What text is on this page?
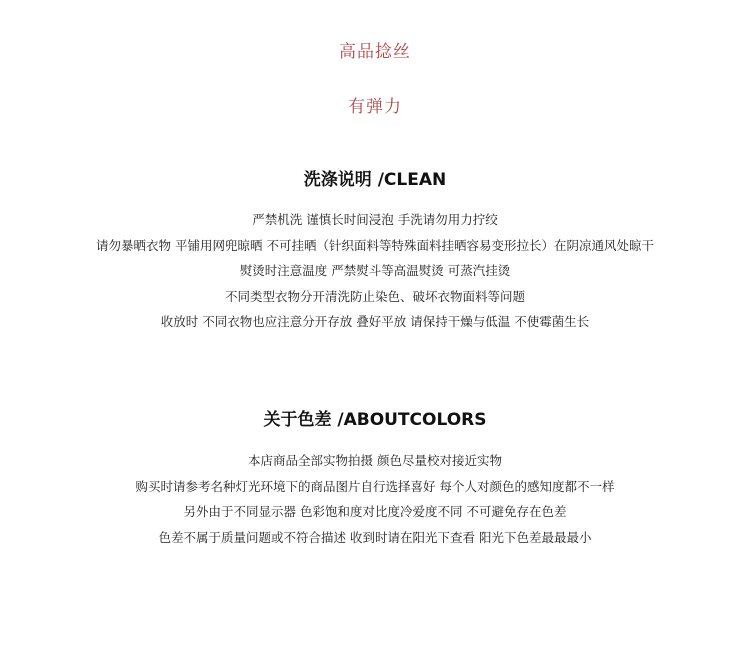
高品捻丝
有弹力
洗涤说明 /CLEAN
严禁机洗 谨慎长时间浸泡 手洗请勿用力拧绞
请勿暴晒衣物 平铺用网兜晾晒 不可挂晒（针织面料等特殊面料挂晒容易变形拉长）在阴凉通风处晾干
熨烫时注意温度 严禁熨斗等高温熨烫 可蒸汽挂烫
不同类型衣物分开清洗防止染色、破坏衣物面料等问题
收放时 不同衣物也应注意分开存放 叠好平放 请保持干燥与低温 不使霉菌生长
关于色差 /ABOUTCOLORS
本店商品全部实物拍摄 颜色尽量校对接近实物
购买时请参考名种灯光环境下的商品图片自行选择喜好 每个人对颜色的感知度都不一样
另外由于不同显示器 色彩饱和度对比度冷爱度不同 不可避免存在色差
色差不属于质量问题或不符合描述 收到时请在阳光下查看 阳光下色差最最最小
